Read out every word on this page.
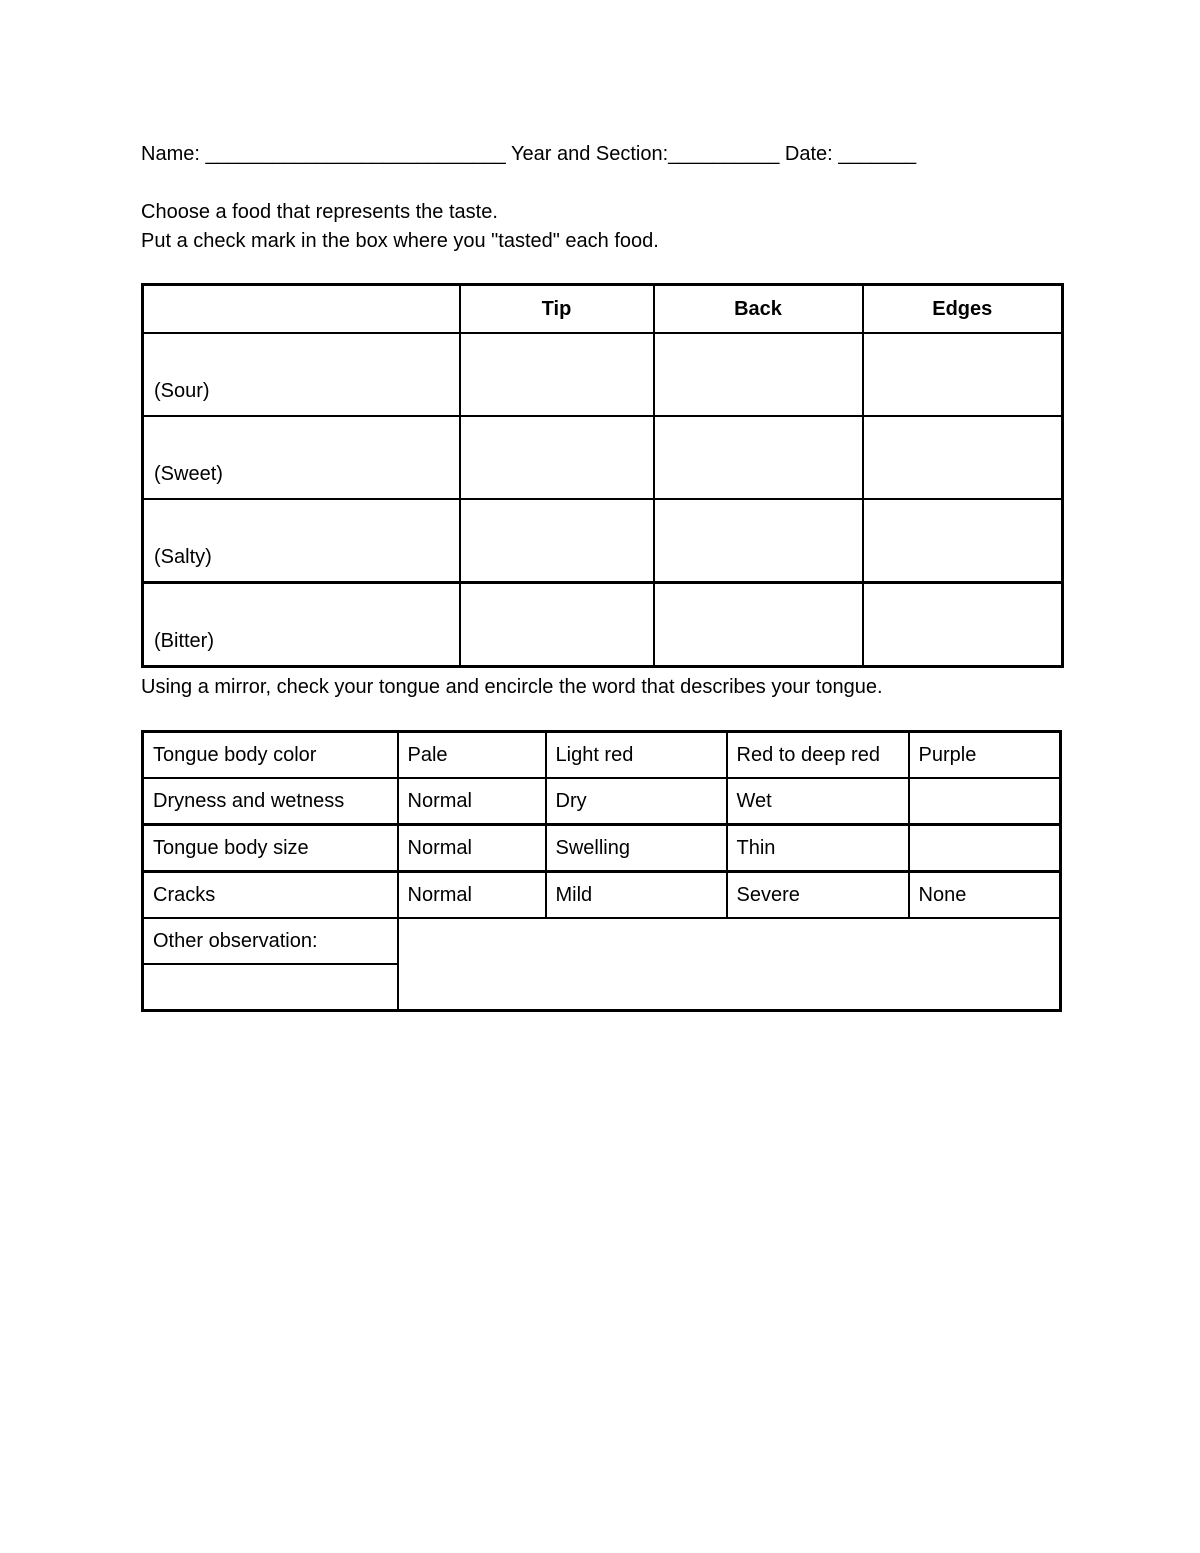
Name: ___________________________ Year and Section:__________ Date: _______
Choose a food that represents the taste.
Put a check mark in the box where you "tasted" each food.
	Tip	Back	Edges
(Sour)			
(Sweet)			
(Salty)			
(Bitter)			
Using a mirror, check your tongue and encircle the word that describes your tongue.
Tongue body color	Pale	Light red	Red to deep red	Purple
Dryness and wetness	Normal	Dry	Wet	
Tongue body size	Normal	Swelling	Thin	
Cracks	Normal	Mild	Severe	None
Other observation:				
